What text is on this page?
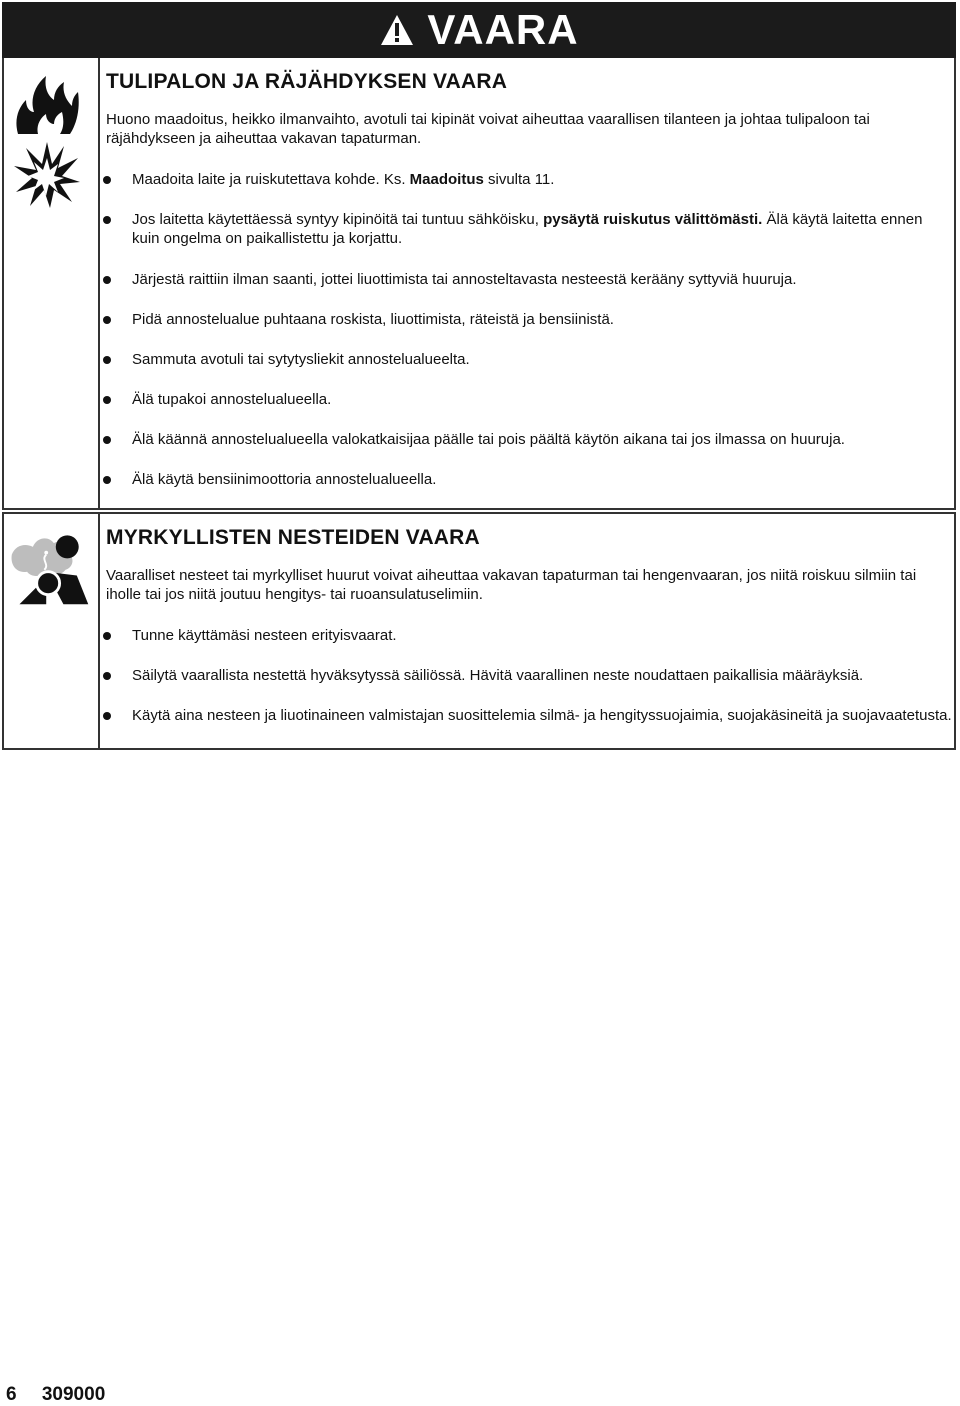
VAARA
TULIPALON JA RÄJÄHDYKSEN VAARA
Huono maadoitus, heikko ilmanvaihto, avotuli tai kipinät voivat aiheuttaa vaarallisen tilanteen ja johtaa tulipaloon tai räjähdykseen ja aiheuttaa vakavan tapaturman.
Maadoita laite ja ruiskutettava kohde. Ks. Maadoitus sivulta 11.
Jos laitetta käytettäessä syntyy kipinöitä tai tuntuu sähköisku, pysäytä ruiskutus välittömästi. Älä käytä laitetta ennen kuin ongelma on paikallistettu ja korjattu.
Järjestä raittiin ilman saanti, jottei liuottimista tai annosteltavasta nesteestä kerääny syttyviä huuruja.
Pidä annostelualue puhtaana roskista, liuottimista, räteistä ja bensiinistä.
Sammuta avotuli tai sytytysliekit annostelualueelta.
Älä tupakoi annostelualueella.
Älä käännä annostelualueella valokatkaisijaa päälle tai pois päältä käytön aikana tai jos ilmassa on huuruja.
Älä käytä bensiinimoottoria annostelualueella.
MYRKYLLISTEN NESTEIDEN VAARA
Vaaralliset nesteet tai myrkylliset huurut voivat aiheuttaa vakavan tapaturman tai hengenvaaran, jos niitä roiskuu silmiin tai iholle tai jos niitä joutuu hengitys- tai ruoansulatuselimiin.
Tunne käyttämäsi nesteen erityisvaarat.
Säilytä vaarallista nestettä hyväksytyssä säiliössä. Hävitä vaarallinen neste noudattaen paikallisia määräyksiä.
Käytä aina nesteen ja liuotinaineen valmistajan suosittelemia silmä- ja hengityssuojaimia, suojakäsineitä ja suojavaatetusta.
6 309000
